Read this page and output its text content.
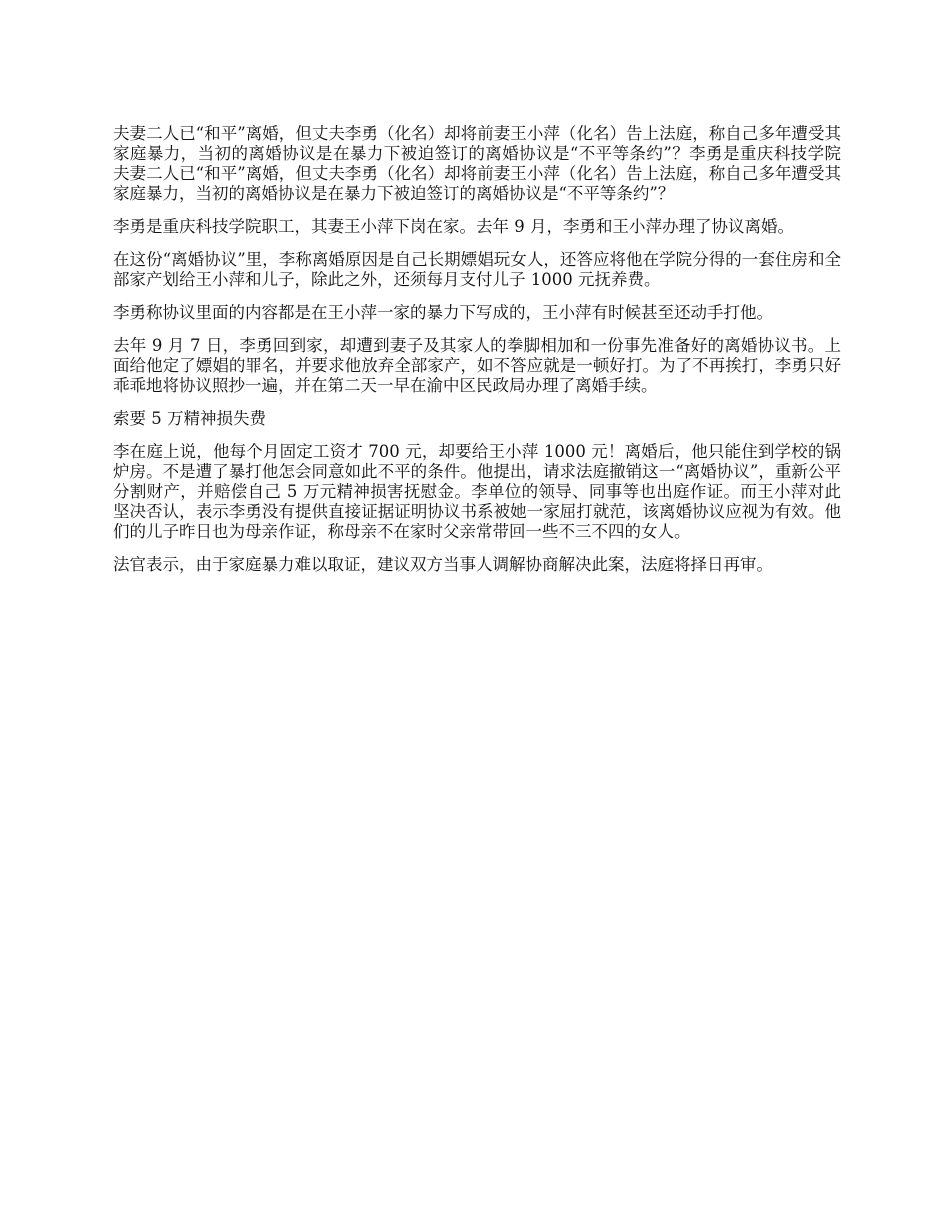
夫妻二人已“和平”离婚，但丈夫李勇（化名）却将前妻王小萍（化名）告上法庭，称自己多年遭受其家庭暴力，当初的离婚协议是在暴力下被迫签订的离婚协议是“不平等条约”？李勇是重庆科技学院 夫妻二人已“和平”离婚，但丈夫李勇（化名）却将前妻王小萍（化名）告上法庭，称自己多年遭受其家庭暴力，当初的离婚协议是在暴力下被迫签订的离婚协议是“不平等条约”？

李勇是重庆科技学院职工，其妻王小萍下岗在家。去年 9 月，李勇和王小萍办理了协议离婚。

在这份“离婚协议”里，李称离婚原因是自己长期嫖娼玩女人，还答应将他在学院分得的一套住房和全部家产划给王小萍和儿子，除此之外，还须每月支付儿子 1000 元抚养费。

李勇称协议里面的内容都是在王小萍一家的暴力下写成的，王小萍有时候甚至还动手打他。

去年 9 月 7 日，李勇回到家，却遭到妻子及其家人的拳脚相加和一份事先准备好的离婚协议书。上面给他定了嫖娼的罪名，并要求他放弃全部家产，如不答应就是一顿好打。为了不再挨打，李勇只好乖乖地将协议照抄一遍，并在第二天一早在渝中区民政局办理了离婚手续。

索要 5 万精神损失费

李在庭上说，他每个月固定工资才 700 元，却要给王小萍 1000 元！离婚后，他只能住到学校的锅炉房。不是遭了暴打他怎会同意如此不平的条件。他提出，请求法庭撤销这一“离婚协议”，重新公平分割财产，并赔偿自己 5 万元精神损害抚慰金。李单位的领导、同事等也出庭作证。而王小萍对此坚决否认，表示李勇没有提供直接证据证明协议书系被她一家屈打就范，该离婚协议应视为有效。他们的儿子昨日也为母亲作证，称母亲不在家时父亲常带回一些不三不四的女人。

法官表示，由于家庭暴力难以取证，建议双方当事人调解协商解决此案，法庭将择日再审。
